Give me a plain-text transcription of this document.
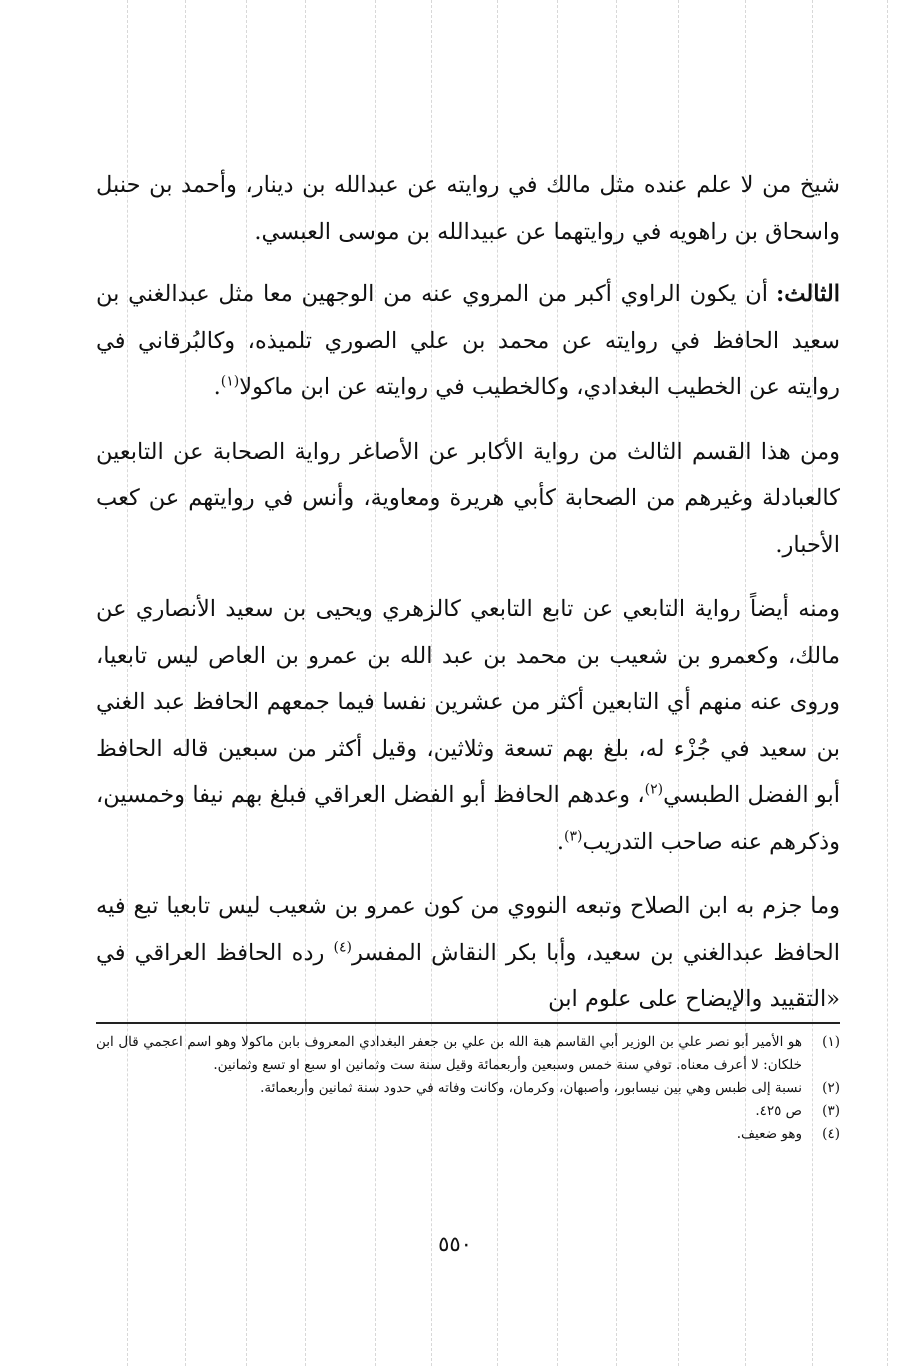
شيخ من لا علم عنده مثل مالك في روايته عن عبدالله بن دينار، وأحمد بن حنبل واسحاق بن راهويه في روايتهما عن عبيدالله بن موسى العبسي.

الثالث:أن يكون الراوي أكبر من المروي عنه من الوجهين معا مثل عبدالغني بن سعيد الحافظ في روايته عن محمد بن علي الصوري تلميذه، وكالبُرقاني في روايته عن الخطيب البغدادي، وكالخطيب في روايته عن ابن ماكولا$^{(١)}$.

ومن هذا القسم الثالث من رواية الأكابر عن الأصاغر رواية الصحابة عن التابعين كالعبادلة وغيرهم من الصحابة كأبي هريرة ومعاوية، وأنس في روايتهم عن كعب الأحبار.

ومنه أيضاً رواية التابعي عن تابع التابعي كالزهري ويحيى بن سعيد الأنصاري عن مالك، وكعمرو بن شعيب بن محمد بن عبد الله بن عمرو بن العاص ليس تابعيا، وروى عنه منهم أي التابعين أكثر من عشرين نفسا فيما جمعهم الحافظ عبد الغني بن سعيد في جُزْء له، بلغ بهم تسعة وثلاثين، وقيل أكثر من سبعين قاله الحافظ أبو الفضل الطبسي$^{(٢)}$، وعدهم الحافظ أبو الفضل العراقي فبلغ بهم نيفا وخمسين، وذكرهم عنه صاحب التدريب$^{(٣)}$.

وما جزم به ابن الصلاح وتبعه النووي من كون عمرو بن شعيب ليس تابعيا تبع فيه الحافظ عبدالغني بن سعيد، وأبا بكر النقاش المفسر$^{(٤)}$ رده الحافظ العراقي في «التقييد والإيضاح على علوم ابن

(١)
هو الأمير أبو نصر علي بن الوزير أبي القاسم هبة الله بن علي بن جعفر البغدادي المعروف بابن ماكولا وهو اسم اعجمي قال ابن خلكان: لا أعرف معناه. توفي سنة خمس وسبعين وأربعمائة وقيل سنة ست وثمانين او سبع او تسع وثمانين.

(٢)
نسبة إلى طبس وهي بين نيسابور، وأصبهان، وكرمان، وكانت وفاته في حدود سنة ثمانين وأربعمائة.

(٣)
ص ٤٢٥.

(٤)
وهو ضعيف.

٥٥٠
